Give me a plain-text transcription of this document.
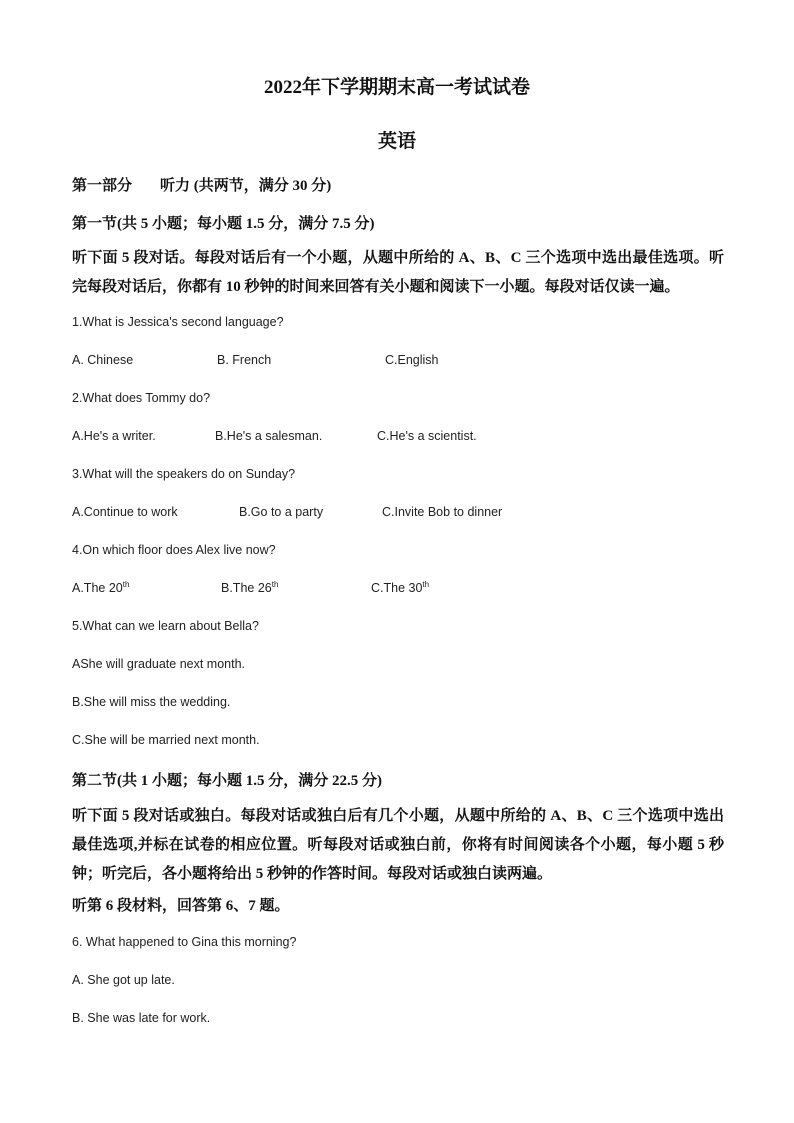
2022年下学期期末高一考试试卷
英语
第一部分 听力 (共两节，满分 30 分)
第一节(共 5 小题；每小题 1.5 分，满分 7.5 分)
听下面 5 段对话。每段对话后有一个小题，从题中所给的 A、B、C 三个选项中选出最佳选项。听完每段对话后，你都有 10 秒钟的时间来回答有关小题和阅读下一小题。每段对话仅读一遍。
1.What is Jessica's second language?
A. Chinese	B. French	C.English
2.What does Tommy do?
A.He's a writer.	B.He's a salesman.	C.He's a scientist.
3.What will the speakers do on Sunday?
A.Continue to work	B.Go to a party	C.Invite Bob to dinner
4.On which floor does Alex live now?
A.The 20th	B.The 26th	C.The 30th
5.What can we learn about Bella?
AShe will graduate next month.
B.She will miss the wedding.
C.She will be married next month.
第二节(共 1 小题；每小题 1.5 分，满分 22.5 分)
听下面 5 段对话或独白。每段对话或独白后有几个小题，从题中所给的 A、B、C 三个选项中选出最佳选项,并标在试卷的相应位置。听每段对话或独白前，你将有时间阅读各个小题，每小题 5 秒钟；听完后，各小题将给出 5 秒钟的作答时间。每段对话或独白读两遍。
听第 6 段材料，回答第 6、7 题。
6. What happened to Gina this morning?
A. She got up late.
B. She was late for work.
